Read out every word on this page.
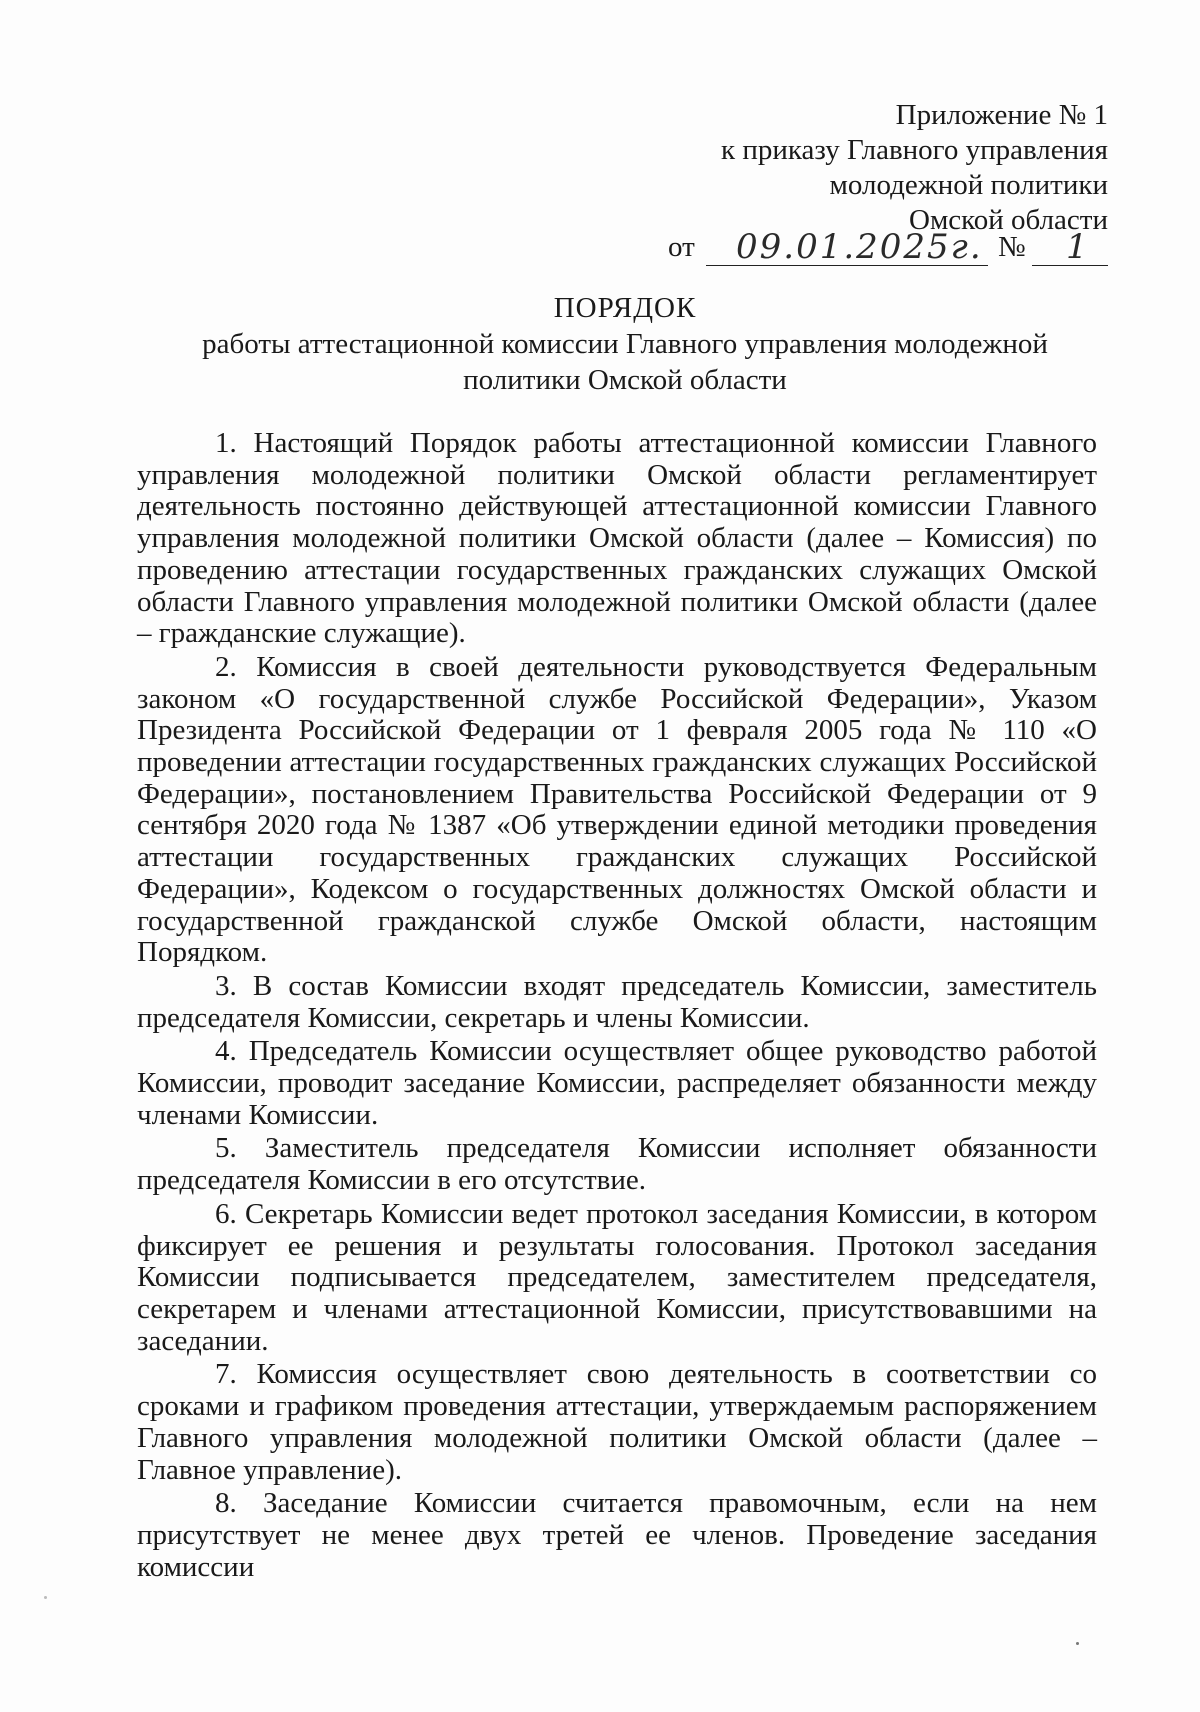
Приложение № 1
к приказу Главного управления
молодежной политики
Омской области
от 09.01.2025г. № 1
ПОРЯДОК
работы аттестационной комиссии Главного управления молодежной
политики Омской области

1. Настоящий Порядок работы аттестационной комиссии Главного управления молодежной политики Омской области регламентирует деятельность постоянно действующей аттестационной комиссии Главного управления молодежной политики Омской области (далее – Комиссия) по проведению аттестации государственных гражданских служащих Омской области Главного управления молодежной политики Омской области (далее – гражданские служащие).

2. Комиссия в своей деятельности руководствуется Федеральным законом «О государственной службе Российской Федерации», Указом Президента Российской Федерации от 1 февраля 2005 года № 110 «О проведении аттестации государственных гражданских служащих Российской Федерации», постановлением Правительства Российской Федерации от 9 сентября 2020 года № 1387 «Об утверждении единой методики проведения аттестации государственных гражданских служащих Российской Федерации», Кодексом о государственных должностях Омской области и государственной гражданской службе Омской области, настоящим Порядком.

3. В состав Комиссии входят председатель Комиссии, заместитель председателя Комиссии, секретарь и члены Комиссии.

4. Председатель Комиссии осуществляет общее руководство работой Комиссии, проводит заседание Комиссии, распределяет обязанности между членами Комиссии.

5. Заместитель председателя Комиссии исполняет обязанности председателя Комиссии в его отсутствие.

6. Секретарь Комиссии ведет протокол заседания Комиссии, в котором фиксирует ее решения и результаты голосования. Протокол заседания Комиссии подписывается председателем, заместителем председателя, секретарем и членами аттестационной Комиссии, присутствовавшими на заседании.

7. Комиссия осуществляет свою деятельность в соответствии со сроками и графиком проведения аттестации, утверждаемым распоряжением Главного управления молодежной политики Омской области (далее – Главное управление).

8. Заседание Комиссии считается правомочным, если на нем присутствует не менее двух третей ее членов. Проведение заседания комиссии
